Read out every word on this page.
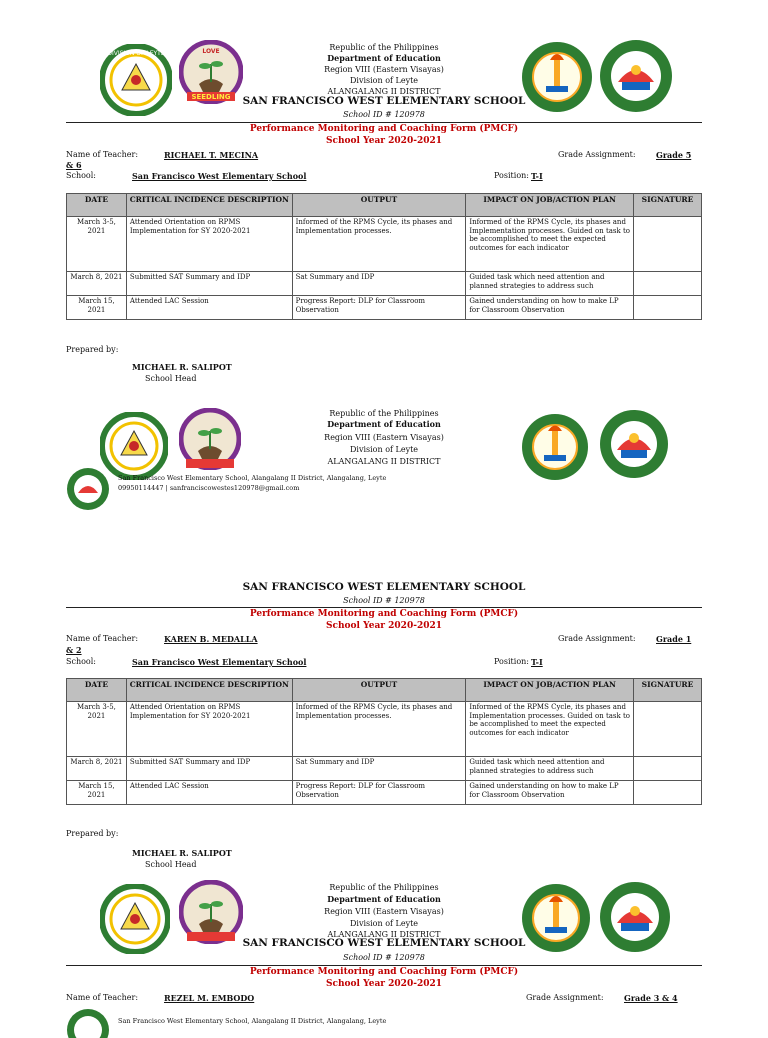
DIVISION OF LEYTE	LOVE
SEEDLING
Republic of the Philippines
Department of Education
Region VIII (Eastern Visayas)
Division of Leyte
ALANGALANG II DISTRICT
SAN FRANCISCO WEST ELEMENTARY SCHOOL
School ID # 120978
Performance Monitoring and Coaching Form (PMCF)
School Year 2020-2021
Name of Teacher:	RICHAEL T. MECINA	Grade Assignment:	Grade 5
& 6
School:	San Francisco West Elementary School	Position: T-I
DATE	CRITICAL INCIDENCE DESCRIPTION	OUTPUT	IMPACT ON JOB/ACTION PLAN	SIGNATURE
March 3-5, 2021	Attended Orientation on RPMS Implementation for SY 2020-2021	Informed of the RPMS Cycle, its phases and Implementation processes.	Informed of the RPMS Cycle, its phases and Implementation processes. Guided on task to be accomplished to meet the expected outcomes for each indicator	
March 8, 2021	Submitted SAT Summary and IDP	Sat Summary and IDP	Guided task which need attention and planned strategies to address such	
March 15, 2021	Attended LAC Session	Progress Report: DLP for Classroom Observation	Gained understanding on how to make LP for Classroom Observation	
Prepared by:
MICHAEL R. SALIPOT
School Head
Republic of the Philippines
Department of Education
Region VIII (Eastern Visayas)
Division of Leyte
ALANGALANG II DISTRICT
San Francisco West Elementary School, Alangalang II District, Alangalang, Leyte
09950114447 | sanfranciscowestes120978@gmail.com
SAN FRANCISCO WEST ELEMENTARY SCHOOL
School ID # 120978
Performance Monitoring and Coaching Form (PMCF)
School Year 2020-2021
Name of Teacher:	KAREN B. MEDALLA	Grade Assignment:	Grade 1
& 2
School:	San Francisco West Elementary School	Position: T-I
DATE	CRITICAL INCIDENCE DESCRIPTION	OUTPUT	IMPACT ON JOB/ACTION PLAN	SIGNATURE
March 3-5, 2021	Attended Orientation on RPMS Implementation for SY 2020-2021	Informed of the RPMS Cycle, its phases and Implementation processes.	Informed of the RPMS Cycle, its phases and Implementation processes. Guided on task to be accomplished to meet the expected outcomes for each indicator	
March 8, 2021	Submitted SAT Summary and IDP	Sat Summary and IDP	Guided task which need attention and planned strategies to address such	
March 15, 2021	Attended LAC Session	Progress Report: DLP for Classroom Observation	Gained understanding on how to make LP for Classroom Observation	
Prepared by:
MICHAEL R. SALIPOT
School Head
Republic of the Philippines
Department of Education
Region VIII (Eastern Visayas)
Division of Leyte
ALANGALANG II DISTRICT
SAN FRANCISCO WEST ELEMENTARY SCHOOL
School ID # 120978
Performance Monitoring and Coaching Form (PMCF)
School Year 2020-2021
Name of Teacher:	REZEL M. EMBODO	Grade Assignment:	Grade 3 & 4
San Francisco West Elementary School, Alangalang II District, Alangalang, Leyte
